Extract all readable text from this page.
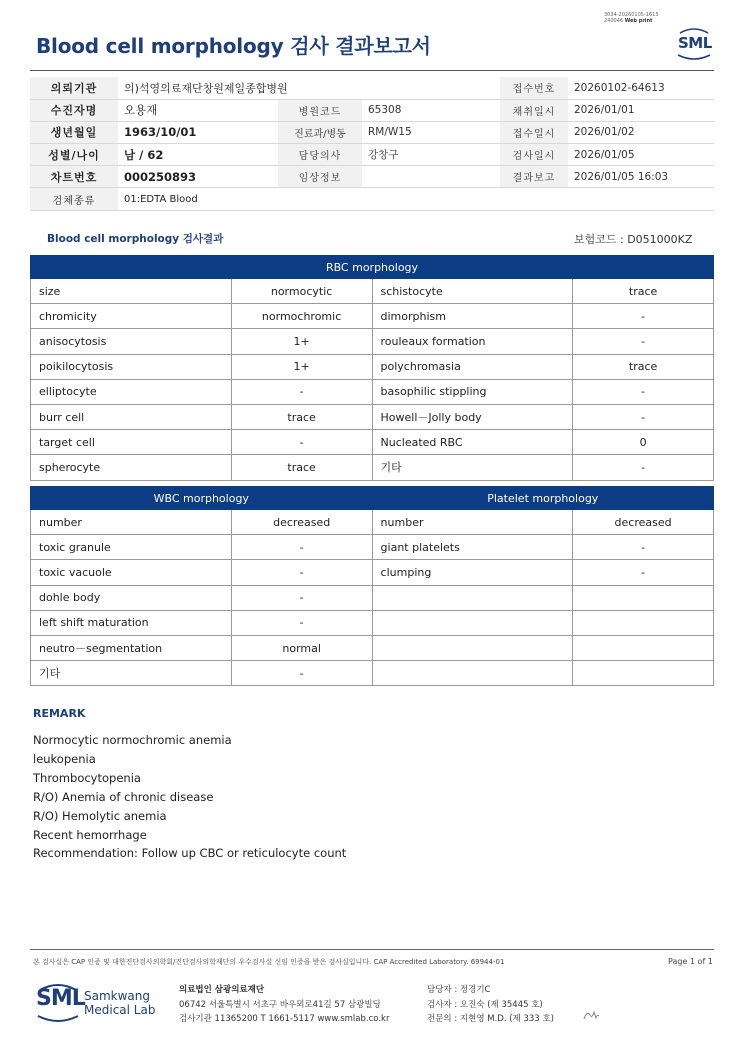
3034-20260105-1615
240046 Web print
Blood cell morphology 검사 결과보고서	SML
의뢰기관	의)석영의료재단창원제일종합병원			접수번호	20260102-64613
수진자명	오용재	병원코드	65308	채취일시	2026/01/01
생년월일	1963/10/01	진료과/병동	RM/W15	접수일시	2026/01/02
성별/나이	남 / 62	담당의사	강창구	검사일시	2026/01/05
차트번호	000250893	임상정보		결과보고	2026/01/05 16:03
검체종류	01:EDTA Blood				
Blood cell morphology 검사결과	보험코드 : D051000KZ
RBC morphology			
size	normocytic	schistocyte	trace
chromicity	normochromic	dimorphism	-
anisocytosis	1+	rouleaux formation	-
poikilocytosis	1+	polychromasia	trace
elliptocyte	-	basophilic stippling	-
burr cell	trace	Howell－Jolly body	-
target cell	-	Nucleated RBC	0
spherocyte	trace	기타	-
WBC morphology		Platelet morphology	
number	decreased	number	decreased
toxic granule	-	giant platelets	-
toxic vacuole	-	clumping	-
dohle body	-		
left shift maturation	-		
neutro－segmentation	normal		
기타	-		
REMARK
Normocytic normochromic anemia
leukopenia
Thrombocytopenia
R/O) Anemia of chronic disease
R/O) Hemolytic anemia
Recent hemorrhage
Recommendation: Follow up CBC or reticulocyte count
본 검사실은 CAP 인증 및 대한진단검사의학회/진단검사의학재단의 우수검사실 신임 인증을 받은 검사실입니다. CAP Accredited Laboratory. 69944-01	Page 1 of 1
SML Samkwang
Medical Lab
의료법인 삼광의료재단
06742 서울특별시 서초구 바우뫼로41길 57 삼광빌딩
검사기관 11365200 T 1661-5117 www.smlab.co.kr
담당자 : 정경기C
검사자 : 오진숙 (제 35445 호)
전문의 : 지현영 M.D. (제 333 호)
